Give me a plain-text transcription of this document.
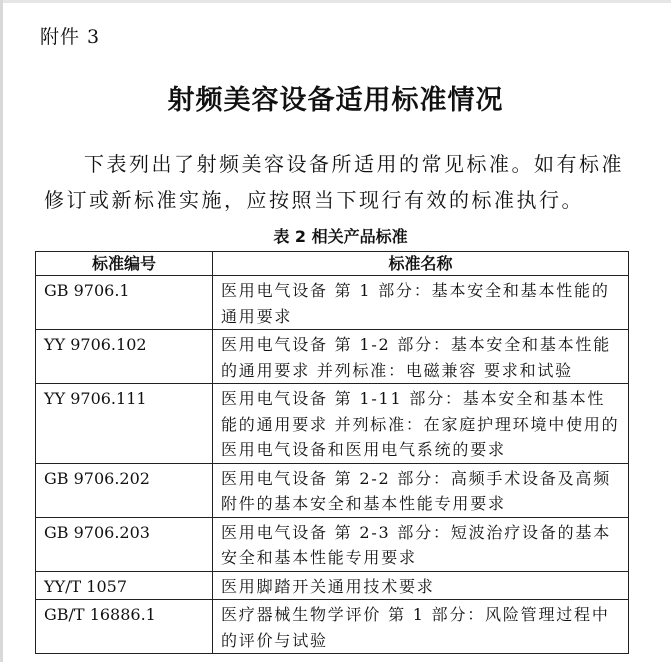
附件 3
射频美容设备适用标准情况
下表列出了射频美容设备所适用的常见标准。如有标准修订或新标准实施，应按照当下现行有效的标准执行。
表 2 相关产品标准
标准编号	标准名称
GB 9706.1	医用电气设备 第 1 部分：基本安全和基本性能的通用要求
YY 9706.102	医用电气设备 第 1-2 部分：基本安全和基本性能的通用要求 并列标准：电磁兼容 要求和试验
YY 9706.111	医用电气设备 第 1-11 部分：基本安全和基本性能的通用要求 并列标准：在家庭护理环境中使用的医用电气设备和医用电气系统的要求
GB 9706.202	医用电气设备 第 2-2 部分：高频手术设备及高频附件的基本安全和基本性能专用要求
GB 9706.203	医用电气设备 第 2-3 部分：短波治疗设备的基本安全和基本性能专用要求
YY/T 1057	医用脚踏开关通用技术要求
GB/T 16886.1	医疗器械生物学评价 第 1 部分：风险管理过程中的评价与试验
